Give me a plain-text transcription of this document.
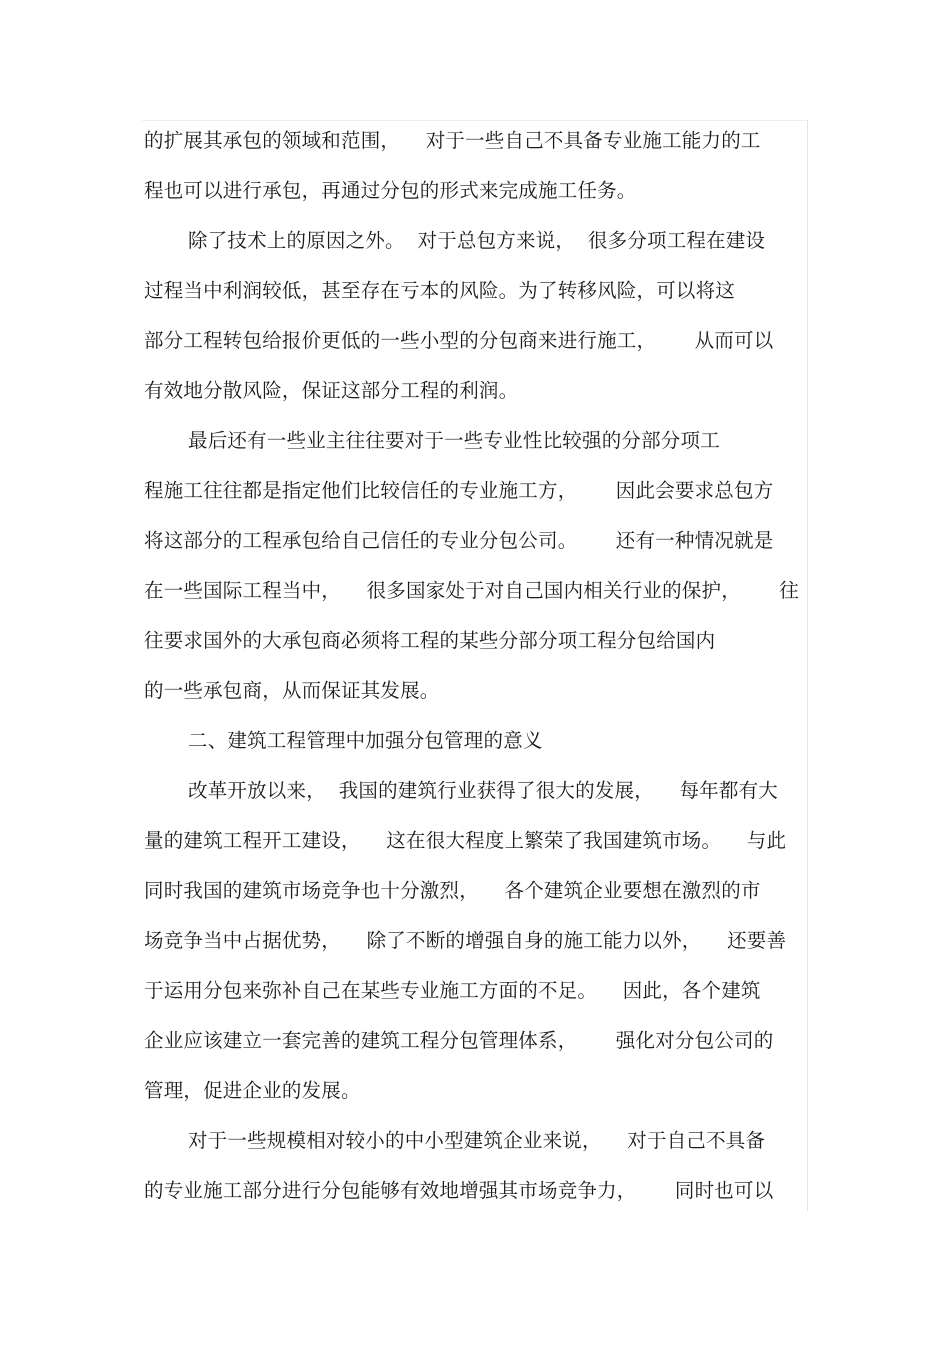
的扩展其承包的领域和范围，    对于一些自己不具备专业施工能力的工
程也可以进行承包，再通过分包的形式来完成施工任务。
除了技术上的原因之外。  对于总包方来说，  很多分项工程在建设
过程当中利润较低，甚至存在亏本的风险。为了转移风险，可以将这
部分工程转包给报价更低的一些小型的分包商来进行施工，      从而可以
有效地分散风险，保证这部分工程的利润。
最后还有一些业主往往要对于一些专业性比较强的分部分项工
程施工往往都是指定他们比较信任的专业施工方，      因此会要求总包方
将这部分的工程承包给自己信任的专业分包公司。      还有一种情况就是
在一些国际工程当中，    很多国家处于对自己国内相关行业的保护，      往
往要求国外的大承包商必须将工程的某些分部分项工程分包给国内
的一些承包商，从而保证其发展。
二、建筑工程管理中加强分包管理的意义
改革开放以来，  我国的建筑行业获得了很大的发展，    每年都有大
量的建筑工程开工建设，    这在很大程度上繁荣了我国建筑市场。    与此
同时我国的建筑市场竞争也十分激烈，    各个建筑企业要想在激烈的市
场竞争当中占据优势，    除了不断的增强自身的施工能力以外，    还要善
于运用分包来弥补自己在某些专业施工方面的不足。    因此，各个建筑
企业应该建立一套完善的建筑工程分包管理体系，      强化对分包公司的
管理，促进企业的发展。
对于一些规模相对较小的中小型建筑企业来说，    对于自己不具备
的专业施工部分进行分包能够有效地增强其市场竞争力，      同时也可以
